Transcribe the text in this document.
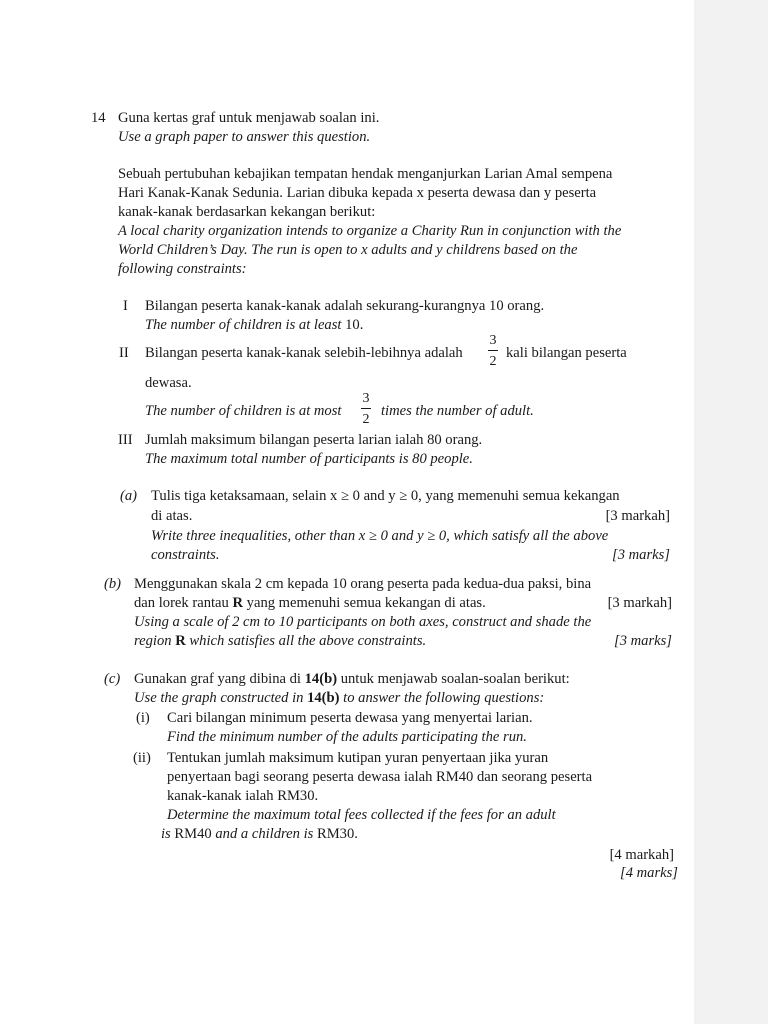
14 Guna kertas graf untuk menjawab soalan ini.
Use a graph paper to answer this question.
Sebuah pertubuhan kebajikan tempatan hendak menganjurkan Larian Amal sempena
Hari Kanak-Kanak Sedunia. Larian dibuka kepada x peserta dewasa dan y peserta
kanak-kanak berdasarkan kekangan berikut:
A local charity organization intends to organize a Charity Run in conjunction with the
World Children’s Day. The run is open to x adults and y childrens based on the
following constraints:
I Bilangan peserta kanak-kanak adalah sekurang-kurangnya 10 orang.
The number of children is at least 10.
II Bilangan peserta kanak-kanak selebih-lebihnya adalah
3
2
kali bilangan peserta
dewasa.
The number of children is at most
3
2
times the number of adult.
III Jumlah maksimum bilangan peserta larian ialah 80 orang.
The maximum total number of participants is 80 people.
(a) Tulis tiga ketaksamaan, selain x ≥ 0 and y ≥ 0, yang memenuhi semua kekangan
di atas.	[3 markah]
Write three inequalities, other than x ≥ 0 and y ≥ 0, which satisfy all the above
constraints.	[3 marks]
(b) Menggunakan skala 2 cm kepada 10 orang peserta pada kedua-dua paksi, bina
dan lorek rantau R yang memenuhi semua kekangan di atas.	[3 markah]
Using a scale of 2 cm to 10 participants on both axes, construct and shade the
region R which satisfies all the above constraints.	[3 marks]
(c) Gunakan graf yang dibina di 14(b) untuk menjawab soalan-soalan berikut:
Use the graph constructed in 14(b) to answer the following questions:
(i) Cari bilangan minimum peserta dewasa yang menyertai larian.
Find the minimum number of the adults participating the run.
(ii) Tentukan jumlah maksimum kutipan yuran penyertaan jika yuran
penyertaan bagi seorang peserta dewasa ialah RM40 dan seorang peserta
kanak-kanak ialah RM30.
Determine the maximum total fees collected if the fees for an adult
is RM40 and a children is RM30.
[4 markah]
[4 marks]
